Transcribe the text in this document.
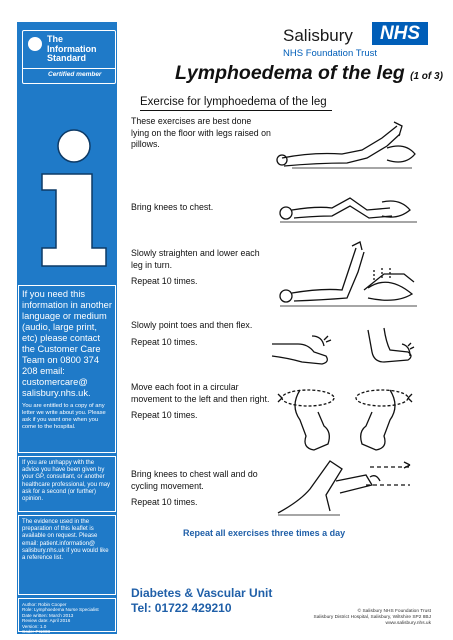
The
Information
Standard
Certified member
If you need this information in another language or medium (audio, large print, etc) please contact the Customer Care Team on 0800 374 208 email: customercare@ salisbury.nhs.uk.
You are entitled to a copy of any letter we write about you. Please ask if you want one when you come to the hospital.
If you are unhappy with the advice you have been given by your GP, consultant, or another healthcare professional, you may ask for a second (or further) opinion.
The evidence used in the preparation of this leaflet is available on request. Please email: patient.information@ salisbury.nhs.uk if you would like a reference list.
Author: Robin Cooper
Role: Lymphoedema Nurse Specialist
Date written: March 2013
Review date: April 2016
Version: 1.0
Code: PI1008
Salisbury	NHS
NHS Foundation Trust
Lymphoedema of the leg (1 of 3)
Exercise for lymphoedema of the leg

These exercises are best done lying on the floor with legs raised on pillows.

Bring knees to chest.

Slowly straighten and lower each leg in turn.

Repeat 10 times.

Slowly point toes and then flex.

Repeat 10 times.

Move each foot in a circular movement to the left and then right.

Repeat 10 times.

Bring knees to chest wall and do cycling movement.

Repeat 10 times.

Repeat all exercises three times a day
Diabetes & Vascular Unit
Tel: 01722 429210	© Salisbury NHS Foundation Trust
Salisbury District Hospital, Salisbury, Wiltshire SP2 8BJ
www.salisbury.nhs.uk
